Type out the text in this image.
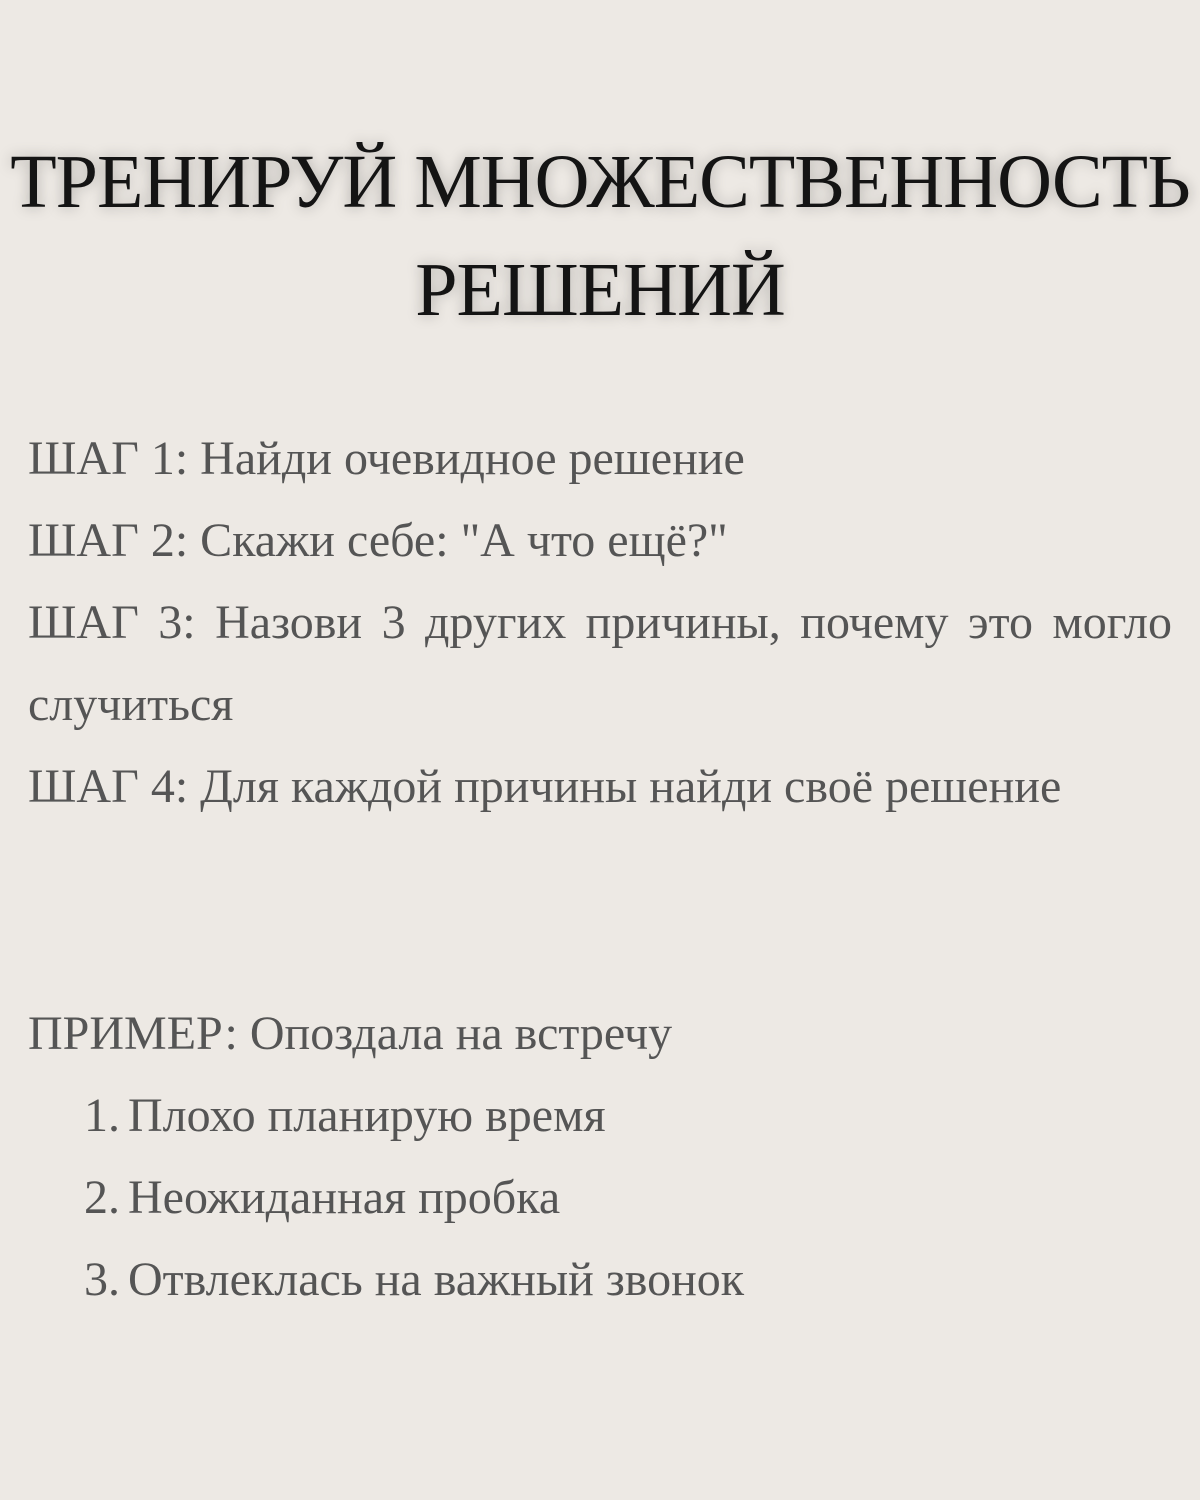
ТРЕНИРУЙ МНОЖЕСТВЕННОСТЬ
РЕШЕНИЙ
ШАГ 1: Найди очевидное решение
ШАГ 2: Скажи себе: "А что ещё?"
ШАГ 3: Назови 3 других причины, почему это могло случиться
ШАГ 4: Для каждой причины найди своё решение
ПРИМЕР: Опоздала на встречу
1. Плохо планирую время
2. Неожиданная пробка
3. Отвлеклась на важный звонок
